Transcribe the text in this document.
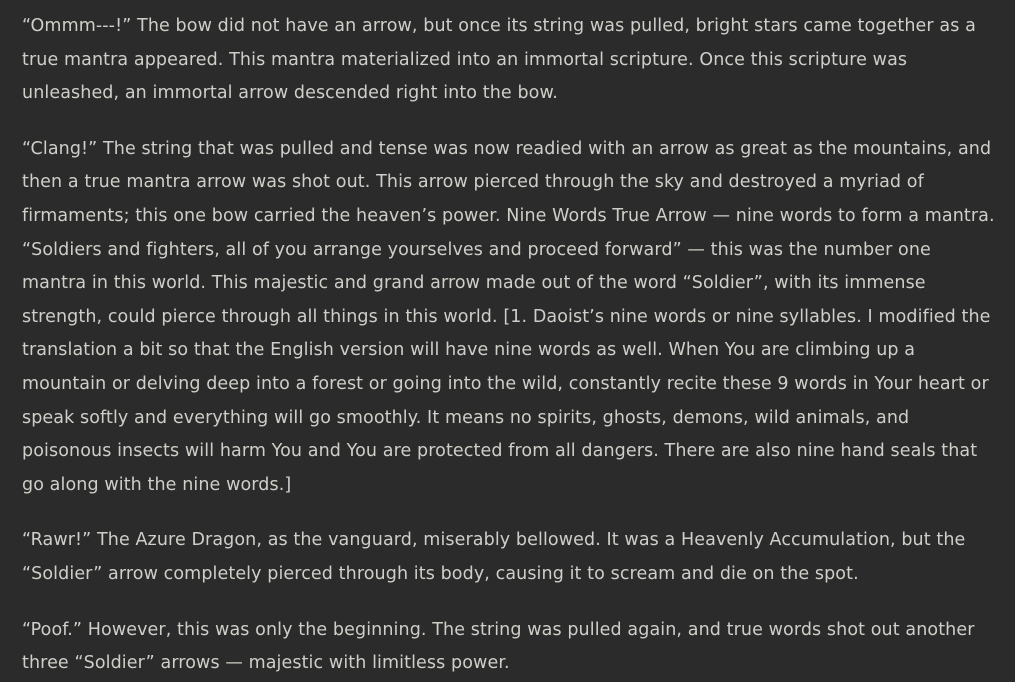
“Ommm---!” The bow did not have an arrow, but once its string was pulled, bright stars came together as a true mantra appeared. This mantra materialized into an immortal scripture. Once this scripture was unleashed, an immortal arrow descended right into the bow.

“Clang!” The string that was pulled and tense was now readied with an arrow as great as the mountains, and then a true mantra arrow was shot out. This arrow pierced through the sky and destroyed a myriad of firmaments; this one bow carried the heaven’s power. Nine Words True Arrow — nine words to form a mantra. “Soldiers and fighters, all of you arrange yourselves and proceed forward” — this was the number one mantra in this world. This majestic and grand arrow made out of the word “Soldier”, with its immense strength, could pierce through all things in this world. [1. Daoist’s nine words or nine syllables. I modified the translation a bit so that the English version will have nine words as well. When You are climbing up a mountain or delving deep into a forest or going into the wild, constantly recite these 9 words in Your heart or speak softly and everything will go smoothly. It means no spirits, ghosts, demons, wild animals, and poisonous insects will harm You and You are protected from all dangers. There are also nine hand seals that go along with the nine words.]

“Rawr!” The Azure Dragon, as the vanguard, miserably bellowed. It was a Heavenly Accumulation, but the “Soldier” arrow completely pierced through its body, causing it to scream and die on the spot.

“Poof.” However, this was only the beginning. The string was pulled again, and true words shot out another three “Soldier” arrows — majestic with limitless power.
